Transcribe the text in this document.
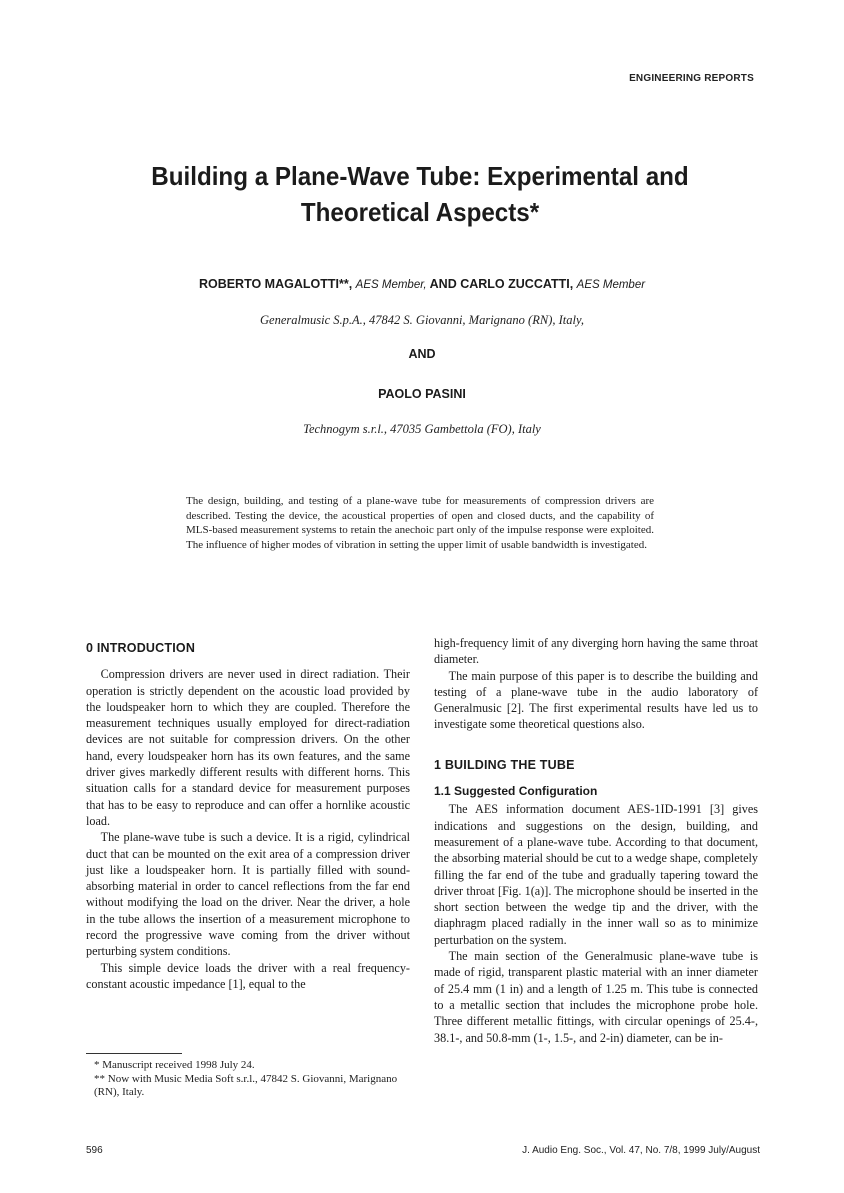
ENGINEERING REPORTS
Building a Plane-Wave Tube: Experimental and
Theoretical Aspects*
ROBERTO MAGALOTTI**, AES Member, AND CARLO ZUCCATTI, AES Member
Generalmusic S.p.A., 47842 S. Giovanni, Marignano (RN), Italy,
AND
PAOLO PASINI
Technogym s.r.l., 47035 Gambettola (FO), Italy
The design, building, and testing of a plane-wave tube for measurements of compression drivers are described. Testing the device, the acoustical properties of open and closed ducts, and the capability of MLS-based measurement systems to retain the anechoic part only of the impulse response were exploited. The influence of higher modes of vibration in setting the upper limit of usable bandwidth is investigated.
0 INTRODUCTION

Compression drivers are never used in direct radiation. Their operation is strictly dependent on the acoustic load provided by the loudspeaker horn to which they are coupled. Therefore the measurement techniques usually employed for direct-radiation devices are not suitable for compression drivers. On the other hand, every loudspeaker horn has its own features, and the same driver gives markedly different results with different horns. This situation calls for a standard device for measurement purposes that has to be easy to reproduce and can offer a hornlike acoustic load.

The plane-wave tube is such a device. It is a rigid, cylindrical duct that can be mounted on the exit area of a compression driver just like a loudspeaker horn. It is partially filled with sound-absorbing material in order to cancel reflections from the far end without modifying the load on the driver. Near the driver, a hole in the tube allows the insertion of a measurement microphone to record the progressive wave coming from the driver without perturbing system conditions.

This simple device loads the driver with a real frequency-constant acoustic impedance [1], equal to the

high-frequency limit of any diverging horn having the same throat diameter.

The main purpose of this paper is to describe the building and testing of a plane-wave tube in the audio laboratory of Generalmusic [2]. The first experimental results have led us to investigate some theoretical questions also.

1 BUILDING THE TUBE
1.1 Suggested Configuration

The AES information document AES-1ID-1991 [3] gives indications and suggestions on the design, building, and measurement of a plane-wave tube. According to that document, the absorbing material should be cut to a wedge shape, completely filling the far end of the tube and gradually tapering toward the driver throat [Fig. 1(a)]. The microphone should be inserted in the short section between the wedge tip and the driver, with the diaphragm placed radially in the inner wall so as to minimize perturbation on the system.

The main section of the Generalmusic plane-wave tube is made of rigid, transparent plastic material with an inner diameter of 25.4 mm (1 in) and a length of 1.25 m. This tube is connected to a metallic section that includes the microphone probe hole. Three different metallic fittings, with circular openings of 25.4-, 38.1-, and 50.8-mm (1-, 1.5-, and 2-in) diameter, can be in-

* Manuscript received 1998 July 24.
** Now with Music Media Soft s.r.l., 47842 S. Giovanni, Marignano (RN), Italy.
596	J. Audio Eng. Soc., Vol. 47, No. 7/8, 1999 July/August
